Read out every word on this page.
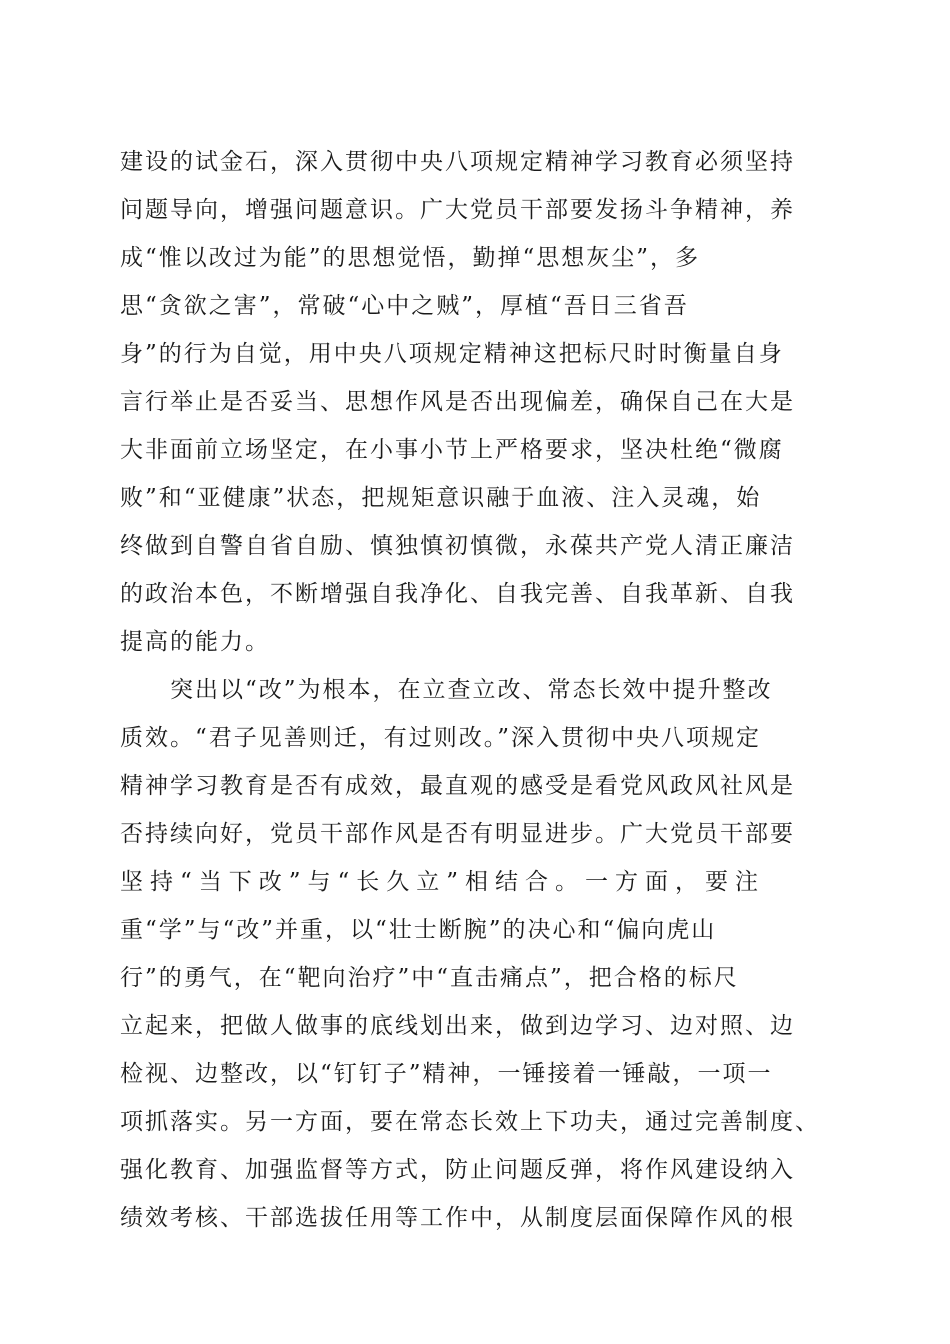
建设的试金石，深入贯彻中央八项规定精神学习教育必须坚持
问题导向，增强问题意识。广大党员干部要发扬斗争精神，养
成“惟以改过为能”的思想觉悟，勤掸“思想灰尘”，多
思“贪欲之害”，常破“心中之贼”，厚植“吾日三省吾
身”的行为自觉，用中央八项规定精神这把标尺时时衡量自身
言行举止是否妥当、思想作风是否出现偏差，确保自己在大是
大非面前立场坚定，在小事小节上严格要求，坚决杜绝“微腐
败”和“亚健康”状态，把规矩意识融于血液、注入灵魂，始
终做到自警自省自励、慎独慎初慎微，永葆共产党人清正廉洁
的政治本色，不断增强自我净化、自我完善、自我革新、自我
提高的能力。
突出以“改”为根本，在立查立改、常态长效中提升整改
质效。“君子见善则迁，有过则改。”深入贯彻中央八项规定
精神学习教育是否有成效，最直观的感受是看党风政风社风是
否持续向好，党员干部作风是否有明显进步。广大党员干部要
坚持“当下改”与“长久立”相结合。一方面，要注
重“学”与“改”并重，以“壮士断腕”的决心和“偏向虎山
行”的勇气，在“靶向治疗”中“直击痛点”，把合格的标尺
立起来，把做人做事的底线划出来，做到边学习、边对照、边
检视、边整改，以“钉钉子”精神，一锤接着一锤敲，一项一
项抓落实。另一方面，要在常态长效上下功夫，通过完善制度、
强化教育、加强监督等方式，防止问题反弹，将作风建设纳入
绩效考核、干部选拔任用等工作中，从制度层面保障作风的根
